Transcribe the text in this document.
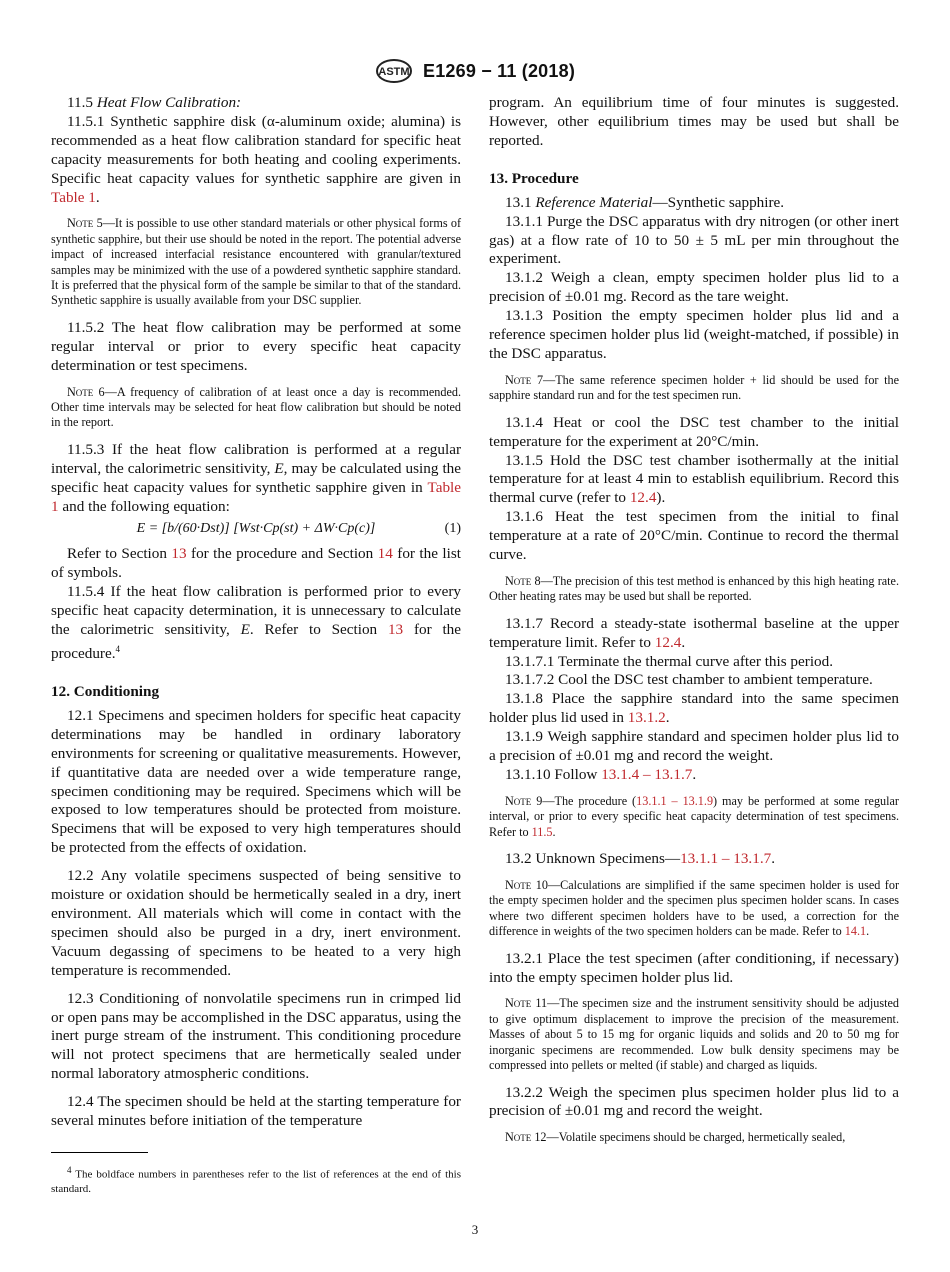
ASTM E1269 − 11 (2018)

11.5 Heat Flow Calibration:

11.5.1 Synthetic sapphire disk (α-aluminum oxide; alumina) is recommended as a heat flow calibration standard for specific heat capacity measurements for both heating and cooling experiments. Specific heat capacity values for synthetic sapphire are given in Table 1.

Note 5—It is possible to use other standard materials or other physical forms of synthetic sapphire, but their use should be noted in the report. The potential adverse impact of increased interfacial resistance encountered with granular/textured samples may be minimized with the use of a powdered synthetic sapphire standard. It is preferred that the physical form of the sample be similar to that of the standard. Synthetic sapphire is usually available from your DSC supplier.

11.5.2 The heat flow calibration may be performed at some regular interval or prior to every specific heat capacity determination or test specimens.

Note 6—A frequency of calibration of at least once a day is recommended. Other time intervals may be selected for heat flow calibration but should be noted in the report.

11.5.3 If the heat flow calibration is performed at a regular interval, the calorimetric sensitivity, E, may be calculated using the specific heat capacity values for synthetic sapphire given in Table 1 and the following equation:

E = [b/(60·Dst)] [Wst·Cp(st) + ΔW·Cp(c)]	(1)

Refer to Section 13 for the procedure and Section 14 for the list of symbols.

11.5.4 If the heat flow calibration is performed prior to every specific heat capacity determination, it is unnecessary to calculate the calorimetric sensitivity, E. Refer to Section 13 for the procedure.$^4$

12. Conditioning

12.1 Specimens and specimen holders for specific heat capacity determinations may be handled in ordinary laboratory environments for screening or qualitative measurements. However, if quantitative data are needed over a wide temperature range, specimen conditioning may be required. Specimens which will be exposed to low temperatures should be protected from moisture. Specimens that will be exposed to very high temperatures should be protected from the effects of oxidation.

12.2 Any volatile specimens suspected of being sensitive to moisture or oxidation should be hermetically sealed in a dry, inert environment. All materials which will come in contact with the specimen should also be purged in a dry, inert environment. Vacuum degassing of specimens to be heated to a very high temperature is recommended.

12.3 Conditioning of nonvolatile specimens run in crimped lid or open pans may be accomplished in the DSC apparatus, using the inert purge stream of the instrument. This conditioning procedure will not protect specimens that are hermetically sealed under normal laboratory atmospheric conditions.

12.4 The specimen should be held at the starting temperature for several minutes before initiation of the temperature

$^4$ The boldface numbers in parentheses refer to the list of references at the end of this standard.

program. An equilibrium time of four minutes is suggested. However, other equilibrium times may be used but shall be reported.

13. Procedure

13.1 Reference Material—Synthetic sapphire.

13.1.1 Purge the DSC apparatus with dry nitrogen (or other inert gas) at a flow rate of 10 to 50 ± 5 mL per min throughout the experiment.

13.1.2 Weigh a clean, empty specimen holder plus lid to a precision of ±0.01 mg. Record as the tare weight.

13.1.3 Position the empty specimen holder plus lid and a reference specimen holder plus lid (weight-matched, if possible) in the DSC apparatus.

Note 7—The same reference specimen holder + lid should be used for the sapphire standard run and for the test specimen run.

13.1.4 Heat or cool the DSC test chamber to the initial temperature for the experiment at 20°C/min.

13.1.5 Hold the DSC test chamber isothermally at the initial temperature for at least 4 min to establish equilibrium. Record this thermal curve (refer to 12.4).

13.1.6 Heat the test specimen from the initial to final temperature at a rate of 20°C/min. Continue to record the thermal curve.

Note 8—The precision of this test method is enhanced by this high heating rate. Other heating rates may be used but shall be reported.

13.1.7 Record a steady-state isothermal baseline at the upper temperature limit. Refer to 12.4.

13.1.7.1 Terminate the thermal curve after this period.

13.1.7.2 Cool the DSC test chamber to ambient temperature.

13.1.8 Place the sapphire standard into the same specimen holder plus lid used in 13.1.2.

13.1.9 Weigh sapphire standard and specimen holder plus lid to a precision of ±0.01 mg and record the weight.

13.1.10 Follow 13.1.4 – 13.1.7.

Note 9—The procedure (13.1.1 – 13.1.9) may be performed at some regular interval, or prior to every specific heat capacity determination of test specimens. Refer to 11.5.

13.2 Unknown Specimens—13.1.1 – 13.1.7.

Note 10—Calculations are simplified if the same specimen holder is used for the empty specimen holder and the specimen plus specimen holder scans. In cases where two different specimen holders have to be used, a correction for the difference in weights of the two specimen holders can be made. Refer to 14.1.

13.2.1 Place the test specimen (after conditioning, if necessary) into the empty specimen holder plus lid.

Note 11—The specimen size and the instrument sensitivity should be adjusted to give optimum displacement to improve the precision of the measurement. Masses of about 5 to 15 mg for organic liquids and solids and 20 to 50 mg for inorganic specimens are recommended. Low bulk density specimens may be compressed into pellets or melted (if stable) and charged as liquids.

13.2.2 Weigh the specimen plus specimen holder plus lid to a precision of ±0.01 mg and record the weight.

Note 12—Volatile specimens should be charged, hermetically sealed,

3
